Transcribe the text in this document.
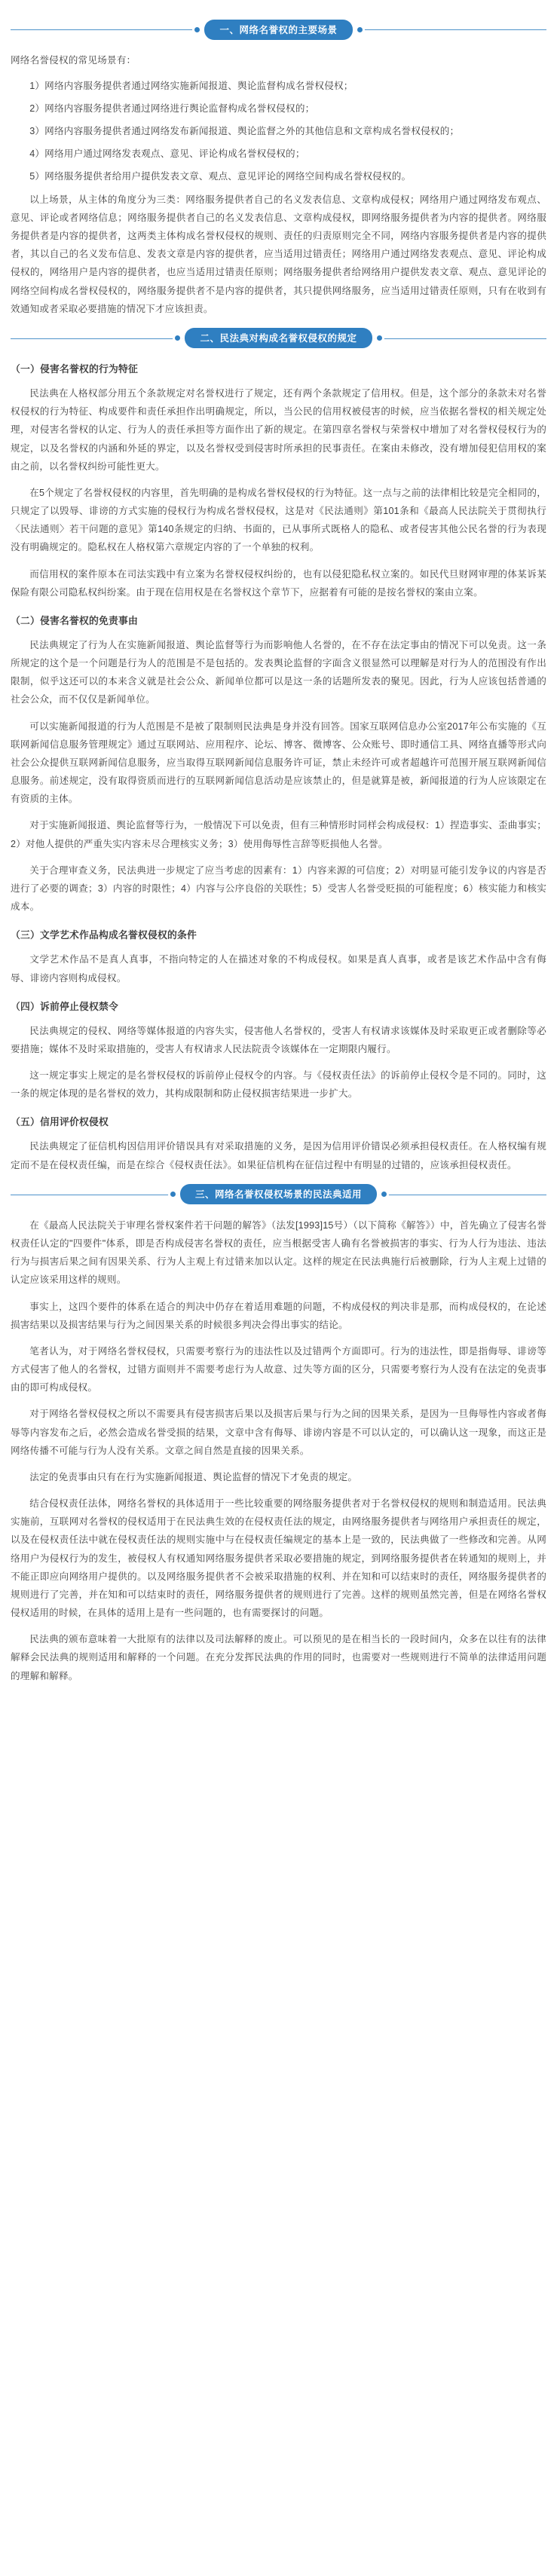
一、网络名誉权的主要场景

网络名誉侵权的常见场景有：

1）网络内容服务提供者通过网络实施新闻报道、舆论监督构成名誉权侵权；

2）网络内容服务提供者通过网络进行舆论监督构成名誉权侵权的；

3）网络内容服务提供者通过网络发布新闻报道、舆论监督之外的其他信息和文章构成名誉权侵权的；

4）网络用户通过网络发表观点、意见、评论构成名誉权侵权的；

5）网络服务提供者给用户提供发表文章、观点、意见评论的网络空间构成名誉权侵权的。

以上场景，从主体的角度分为三类：网络服务提供者自己的名义发表信息、文章构成侵权；网络用户通过网络发布观点、意见、评论或者网络信息；网络服务提供者自己的名义发表信息、文章构成侵权，即网络服务提供者为内容的提供者。网络服务提供者是内容的提供者，这两类主体构成名誉权侵权的规则、责任的归责原则完全不同，网络内容服务提供者是内容的提供者，其以自己的名义发布信息、发表文章是内容的提供者，应当适用过错责任；网络用户通过网络发表观点、意见、评论构成侵权的，网络用户是内容的提供者，也应当适用过错责任原则；网络服务提供者给网络用户提供发表文章、观点、意见评论的网络空间构成名誉权侵权的，网络服务提供者不是内容的提供者，其只提供网络服务，应当适用过错责任原则，只有在收到有效通知或者采取必要措施的情况下才应该担责。

二、民法典对构成名誉权侵权的规定
（一）侵害名誉权的行为特征

民法典在人格权部分用五个条款规定对名誉权进行了规定，还有两个条款规定了信用权。但是，这个部分的条款未对名誉权侵权的行为特征、构成要件和责任承担作出明确规定，所以，当公民的信用权被侵害的时候，应当依据名誉权的相关规定处理，对侵害名誉权的认定、行为人的责任承担等方面作出了新的规定。在第四章名誉权与荣誉权中增加了对名誉权侵权行为的规定，以及名誉权的内涵和外延的界定，以及名誉权受到侵害时所承担的民事责任。在案由未修改，没有增加侵犯信用权的案由之前，以名誉权纠纷可能性更大。

在5个规定了名誉权侵权的内容里，首先明确的是构成名誉权侵权的行为特征。这一点与之前的法律相比较是完全相同的，只规定了以毁辱、诽谤的方式实施的侵权行为构成名誉权侵权，这是对《民法通则》第101条和《最高人民法院关于贯彻执行〈民法通则〉若干问题的意见》第140条规定的归纳、书面的，已从事所式既格人的隐私、或者侵害其他公民名誉的行为表现没有明确规定的。隐私权在人格权第六章规定内容的了一个单独的权利。

而信用权的案件原本在司法实践中有立案为名誉权侵权纠纷的，也有以侵犯隐私权立案的。如民代旦财网审理的体某诉某保险有限公司隐私权纠纷案。由于现在信用权是在名誉权这个章节下，应据着有可能的是按名誉权的案由立案。

（二）侵害名誉权的免责事由

民法典规定了行为人在实施新闻报道、舆论监督等行为而影响他人名誉的，在不存在法定事由的情况下可以免责。这一条所规定的这个是一个问题是行为人的范围是不是包括的。发表舆论监督的字面含义很显然可以理解是对行为人的范围没有作出限制，似乎这还可以的本来含义就是社会公众、新闻单位都可以是这一条的话题所发表的聚见。因此，行为人应该包括普通的社会公众，而不仅仅是新闻单位。

可以实施新闻报道的行为人范围是不是被了限制则民法典是身并没有回答。国家互联网信息办公室2017年公布实施的《互联网新闻信息服务管理规定》通过互联网站、应用程序、论坛、博客、微博客、公众账号、即时通信工具、网络直播等形式向社会公众提供互联网新闻信息服务，应当取得互联网新闻信息服务许可证，禁止未经许可或者超越许可范围开展互联网新闻信息服务。前述规定，没有取得资质而进行的互联网新闻信息活动是应该禁止的，但是就算是被，新闻报道的行为人应该限定在有资质的主体。

对于实施新闻报道、舆论监督等行为，一般情况下可以免责，但有三种情形时同样会构成侵权：1）捏造事实、歪曲事实；2）对他人提供的严重失实内容未尽合理核实义务；3）使用侮辱性言辞等贬损他人名誉。

关于合理审查义务，民法典进一步规定了应当考虑的因素有：1）内容来源的可信度；2）对明显可能引发争议的内容是否进行了必要的调查；3）内容的时限性；4）内容与公序良俗的关联性；5）受害人名誉受贬损的可能程度；6）核实能力和核实成本。

（三）文学艺术作品构成名誉权侵权的条件

文学艺术作品不是真人真事，不指向特定的人在描述对象的不构成侵权。如果是真人真事，或者是该艺术作品中含有侮辱、诽谤内容则构成侵权。

（四）诉前停止侵权禁令

民法典规定的侵权、网络等媒体报道的内容失实，侵害他人名誉权的，受害人有权请求该媒体及时采取更正或者删除等必要措施；媒体不及时采取措施的，受害人有权请求人民法院责令该媒体在一定期限内履行。

这一规定事实上规定的是名誉权侵权的诉前停止侵权令的内容。与《侵权责任法》的诉前停止侵权令是不同的。同时，这一条的规定体现的是名誉权的效力，其构成限制和防止侵权损害结果进一步扩大。

（五）信用评价权侵权

民法典规定了征信机构因信用评价错误具有对采取措施的义务，是因为信用评价错误必须承担侵权责任。在人格权编有规定而不是在侵权责任编，而是在综合《侵权责任法》。如果征信机构在征信过程中有明显的过错的，应该承担侵权责任。

三、网络名誉权侵权场景的民法典适用

在《最高人民法院关于审理名誉权案件若干问题的解答》（法发[1993]15号）（以下简称《解答》）中，首先确立了侵害名誉权责任认定的"四要件"体系，即是否构成侵害名誉权的责任，应当根据受害人确有名誉被损害的事实、行为人行为违法、违法行为与损害后果之间有因果关系、行为人主观上有过错来加以认定。这样的规定在民法典施行后被删除，行为人主观上过错的认定应该采用这样的规则。

事实上，这四个要件的体系在适合的判决中仍存在着适用难题的问题，不构成侵权的判决非是那，而构成侵权的，在论述损害结果以及损害结果与行为之间因果关系的时候很多判决会得出事实的结论。

笔者认为，对于网络名誉权侵权，只需要考察行为的违法性以及过错两个方面即可。行为的违法性，即是指侮辱、诽谤等方式侵害了他人的名誉权，过错方面则并不需要考虑行为人故意、过失等方面的区分，只需要考察行为人没有在法定的免责事由的即可构成侵权。

对于网络名誉权侵权之所以不需要具有侵害损害后果以及损害后果与行为之间的因果关系，是因为一旦侮辱性内容或者侮辱等内容发布之后，必然会造成名誉受损的结果，文章中含有侮辱、诽谤内容是不可以认定的，可以确认这一现象，而这正是网络传播不可能与行为人没有关系。文章之间自然是直接的因果关系。

法定的免责事由只有在行为实施新闻报道、舆论监督的情况下才免责的规定。

结合侵权责任法体，网络名誉权的具体适用于一些比较重要的网络服务提供者对于名誉权侵权的规则和制造适用。民法典实施前，互联网对名誉权的侵权适用于在民法典生效的在侵权责任法的规定，由网络服务提供者与网络用户承担责任的规定，以及在侵权责任法中就在侵权责任法的规则实施中与在侵权责任编规定的基本上是一致的，民法典做了一些修改和完善。从网络用户为侵权行为的发生，被侵权人有权通知网络服务提供者采取必要措施的规定，到网络服务提供者在转通知的规则上，并不能正即应向网络用户提供的。以及网络服务提供者不会被采取措施的权利、并在知和可以结束时的责任，网络服务提供者的规则进行了完善，并在知和可以结束时的责任，网络服务提供者的规则进行了完善。这样的规则虽然完善，但是在网络名誉权侵权适用的时候，在具体的适用上是有一些问题的，也有需要探讨的问题。

民法典的颁布意味着一大批原有的法律以及司法解释的废止。可以预见的是在相当长的一段时间内，众多在以往有的法律解释会民法典的规则适用和解释的一个问题。在充分发挥民法典的作用的同时，也需要对一些规则进行不简单的法律适用问题的理解和解释。
